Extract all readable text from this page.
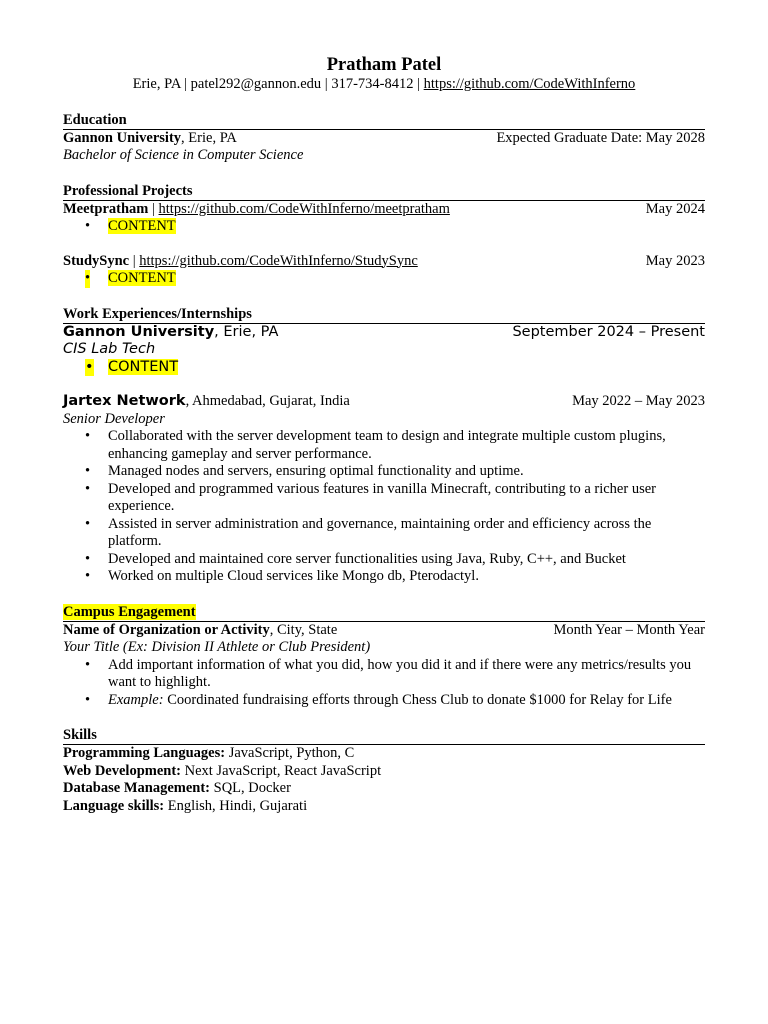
Pratham Patel
Erie, PA | patel292@gannon.edu | 317-734-8412 | https://github.com/CodeWithInferno
Education
Gannon University, Erie, PA	Expected Graduate Date: May 2028
Bachelor of Science in Computer Science
Professional Projects
Meetpratham | https://github.com/CodeWithInferno/meetpratham	May 2024
• CONTENT
StudySync | https://github.com/CodeWithInferno/StudySync	May 2023
• CONTENT
Work Experiences/Internships
Gannon University, Erie, PA	September 2024 – Present
CIS Lab Tech
• CONTENT
Jartex Network, Ahmedabad, Gujarat, India	May 2022 – May 2023
Senior Developer
• Collaborated with the server development team to design and integrate multiple custom plugins, enhancing gameplay and server performance.
• Managed nodes and servers, ensuring optimal functionality and uptime.
• Developed and programmed various features in vanilla Minecraft, contributing to a richer user experience.
• Assisted in server administration and governance, maintaining order and efficiency across the platform.
• Developed and maintained core server functionalities using Java, Ruby, C++, and Bucket
• Worked on multiple Cloud services like Mongo db, Pterodactyl.
Campus Engagement
Name of Organization or Activity, City, State	Month Year – Month Year
Your Title (Ex: Division II Athlete or Club President)
• Add important information of what you did, how you did it and if there were any metrics/results you want to highlight.
• Example: Coordinated fundraising efforts through Chess Club to donate $1000 for Relay for Life
Skills
Programming Languages: JavaScript, Python, C
Web Development: Next JavaScript, React JavaScript
Database Management: SQL, Docker
Language skills: English, Hindi, Gujarati
